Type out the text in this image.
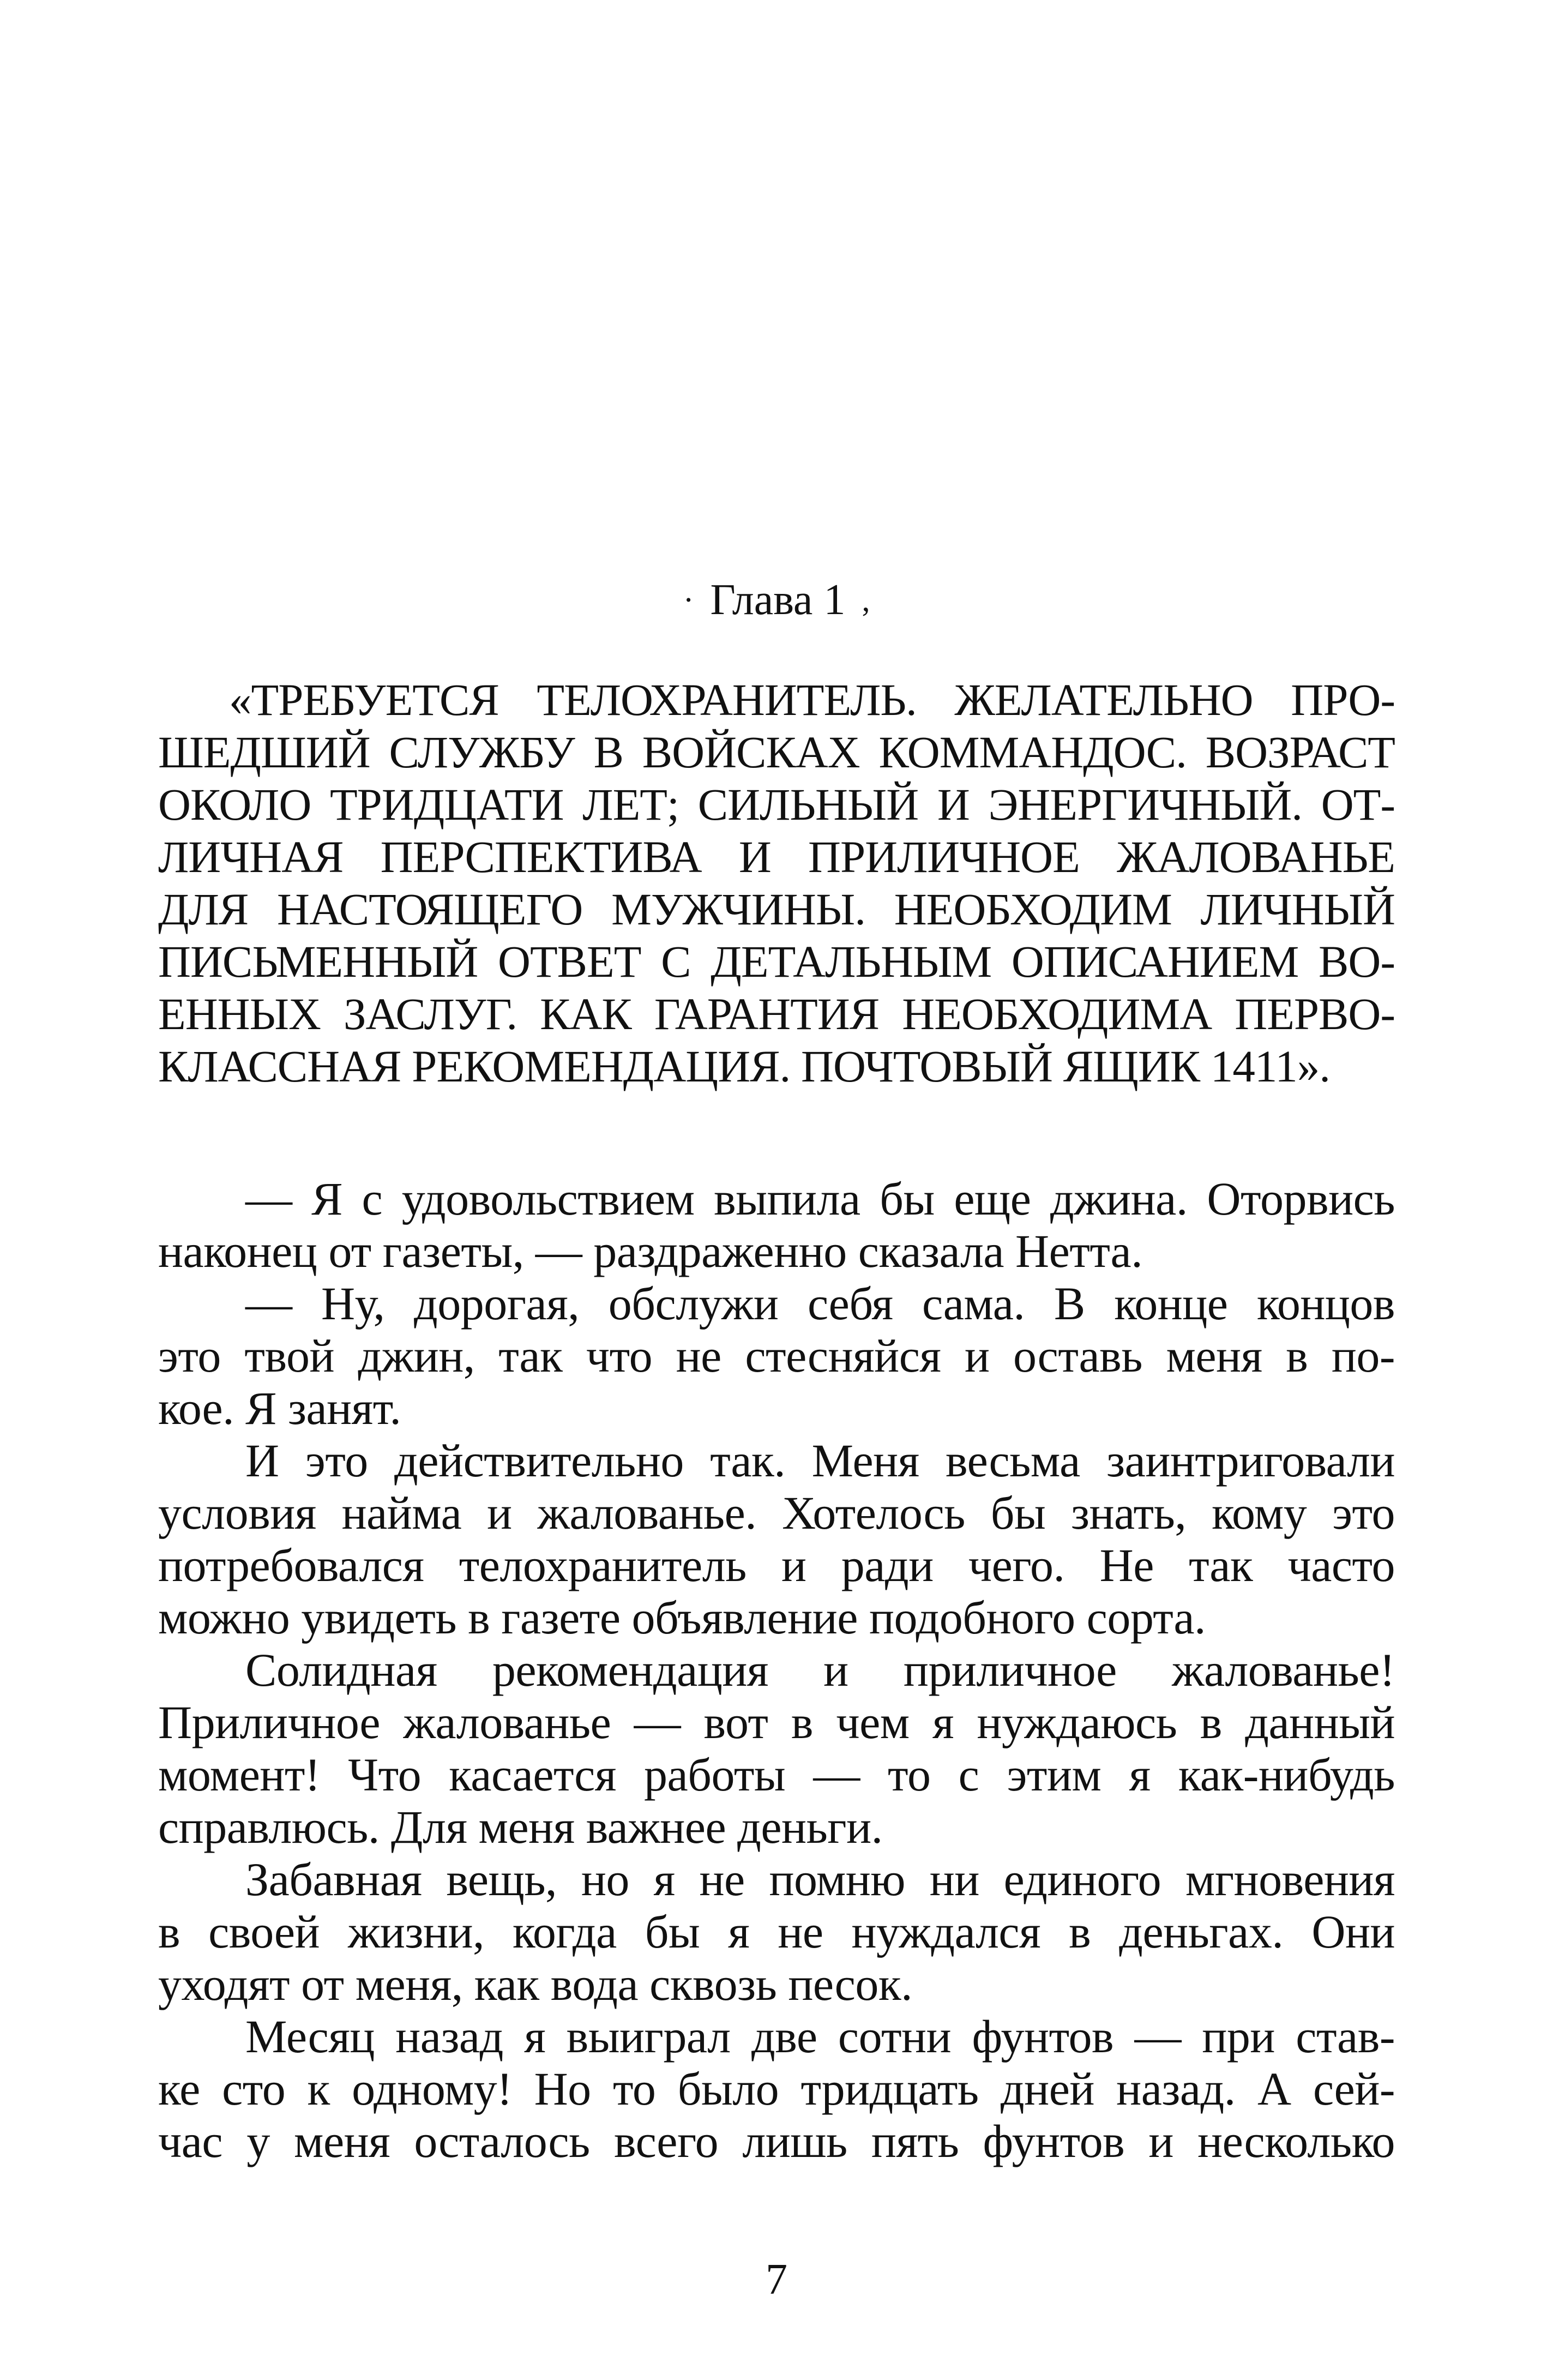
· Глава 1 ,
«ТРЕБУЕТСЯ ТЕЛОХРАНИТЕЛЬ. ЖЕЛАТЕЛЬНО ПРО-
ШЕДШИЙ СЛУЖБУ В ВОЙСКАХ КОММАНДОС. ВОЗРАСТ
ОКОЛО ТРИДЦАТИ ЛЕТ; СИЛЬНЫЙ И ЭНЕРГИЧНЫЙ. ОТ-
ЛИЧНАЯ ПЕРСПЕКТИВА И ПРИЛИЧНОЕ ЖАЛОВАНЬЕ
ДЛЯ НАСТОЯЩЕГО МУЖЧИНЫ. НЕОБХОДИМ ЛИЧНЫЙ
ПИСЬМЕННЫЙ ОТВЕТ С ДЕТАЛЬНЫМ ОПИСАНИЕМ ВО-
ЕННЫХ ЗАСЛУГ. КАК ГАРАНТИЯ НЕОБХОДИМА ПЕРВО-
КЛАССНАЯ РЕКОМЕНДАЦИЯ. ПОЧТОВЫЙ ЯЩИК 1411».
— Я с удовольствием выпила бы еще джина. Оторвись
наконец от газеты, — раздраженно сказала Нетта.
— Ну, дорогая, обслужи себя сама. В конце концов
это твой джин, так что не стесняйся и оставь меня в по-
кое. Я занят.
И это действительно так. Меня весьма заинтриговали
условия найма и жалованье. Хотелось бы знать, кому это
потребовался телохранитель и ради чего. Не так часто
можно увидеть в газете объявление подобного сорта.
Солидная рекомендация и приличное жалованье!
Приличное жалованье — вот в чем я нуждаюсь в данный
момент! Что касается работы — то с этим я как-нибудь
справлюсь. Для меня важнее деньги.
Забавная вещь, но я не помню ни единого мгновения
в своей жизни, когда бы я не нуждался в деньгах. Они
уходят от меня, как вода сквозь песок.
Месяц назад я выиграл две сотни фунтов — при став-
ке сто к одному! Но то было тридцать дней назад. А сей-
час у меня осталось всего лишь пять фунтов и несколько
7
